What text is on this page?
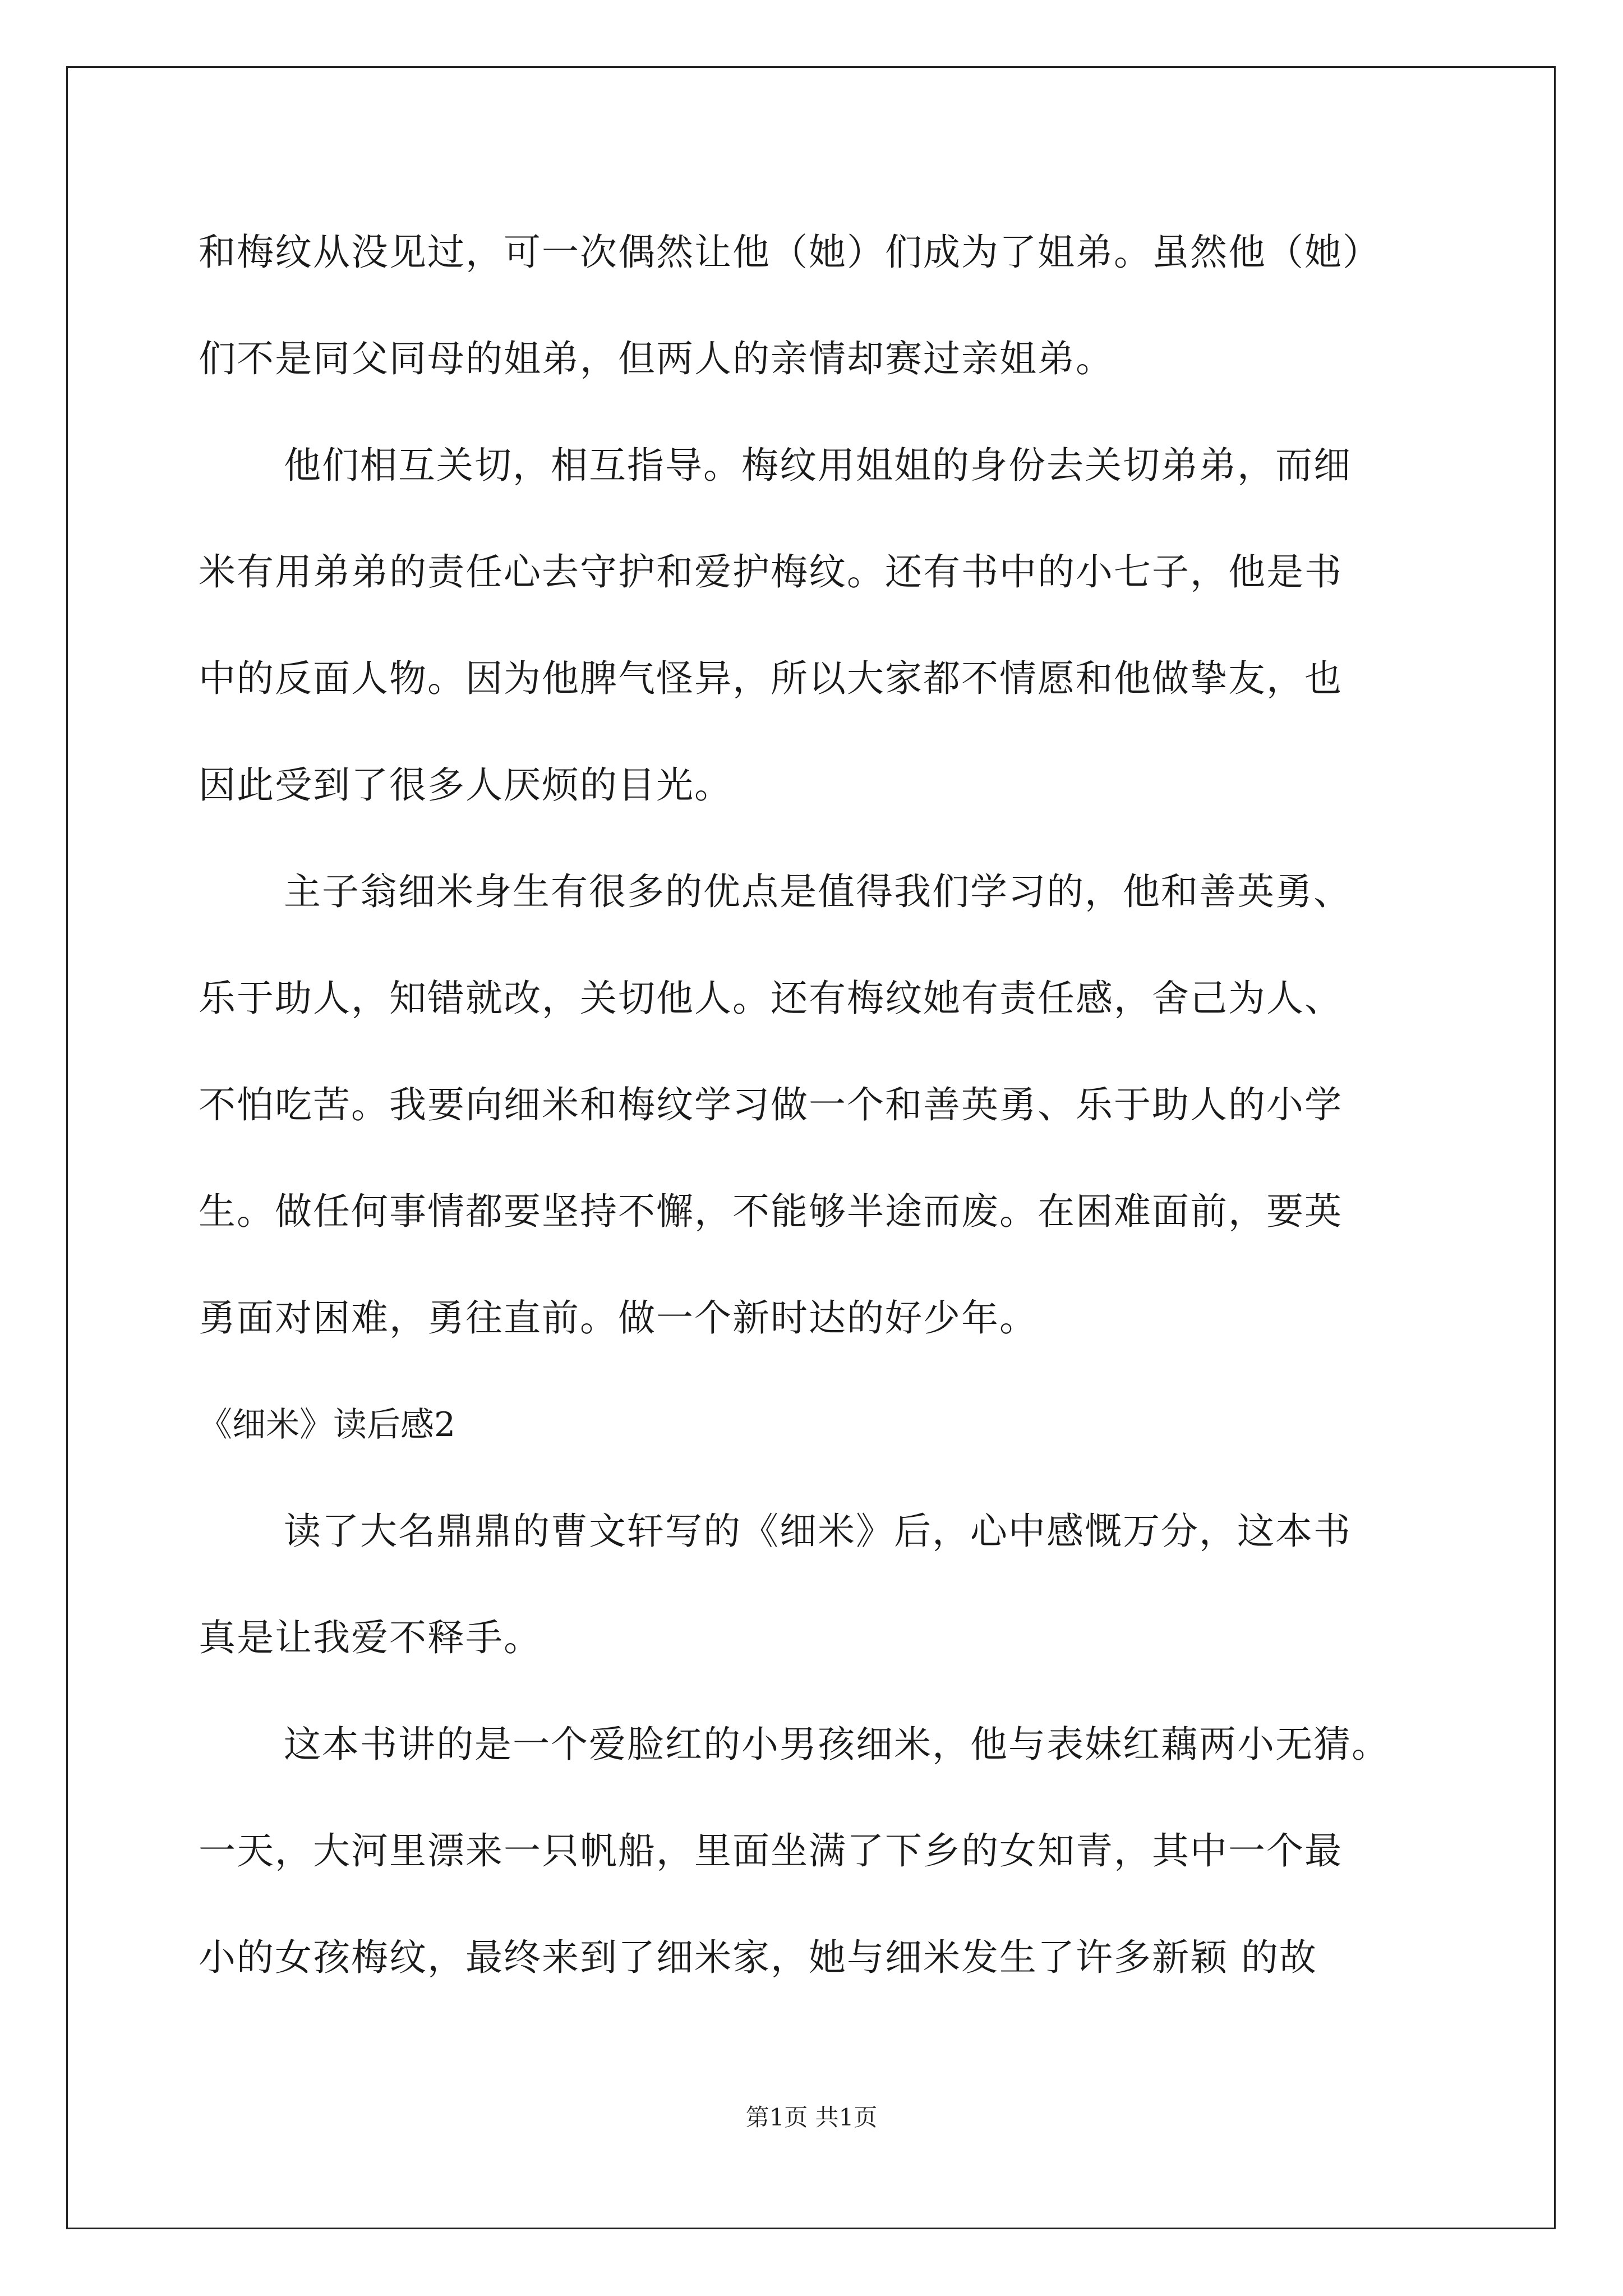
和梅纹从没见过，可一次偶然让他（她）们成为了姐弟。虽然他（她）
们不是同父同母的姐弟，但两人的亲情却赛过亲姐弟。
他们相互关切，相互指导。梅纹用姐姐的身份去关切弟弟，而细
米有用弟弟的责任心去守护和爱护梅纹。还有书中的小七子，他是书
中的反面人物。因为他脾气怪异，所以大家都不情愿和他做挚友，也
因此受到了很多人厌烦的目光。
主子翁细米身生有很多的优点是值得我们学习的，他和善英勇、
乐于助人，知错就改，关切他人。还有梅纹她有责任感，舍己为人、
不怕吃苦。我要向细米和梅纹学习做一个和善英勇、乐于助人的小学
生。做任何事情都要坚持不懈，不能够半途而废。在困难面前，要英
勇面对困难，勇往直前。做一个新时达的好少年。
《细米》读后感2
读了大名鼎鼎的曹文轩写的《细米》后，心中感慨万分，这本书
真是让我爱不释手。
这本书讲的是一个爱脸红的小男孩细米，他与表妹红藕两小无猜。
一天，大河里漂来一只帆船，里面坐满了下乡的女知青，其中一个最
小的女孩梅纹，最终来到了细米家，她与细米发生了许多新颖 的故
第1页 共1页
